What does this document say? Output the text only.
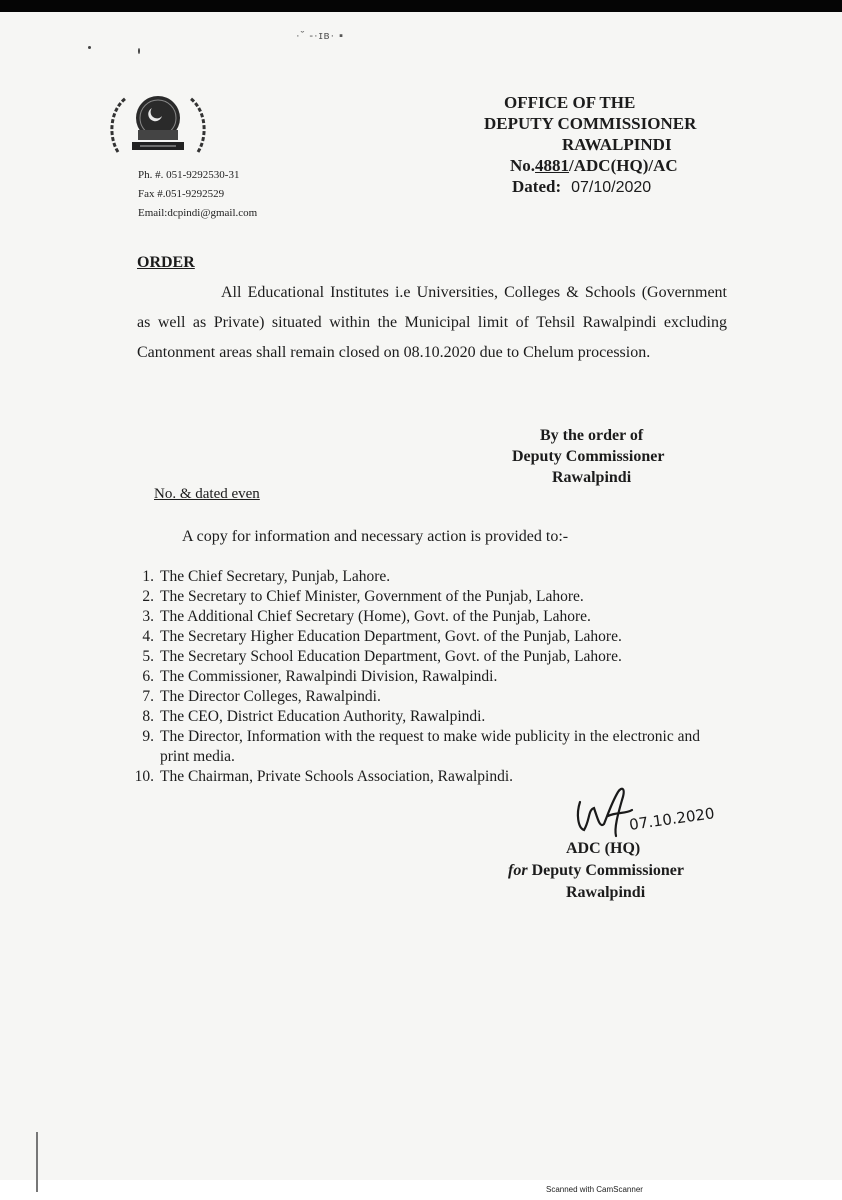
·ˇ ‑·ɪʙ· ▪
Ph. #. 051-9292530-31
Fax #.051-9292529
Email:dcpindi@gmail.com
OFFICE OF THE
DEPUTY COMMISSIONER
RAWALPINDI
No.4881/ADC(HQ)/AC
Dated: 07/10/2020
ORDER
All Educational Institutes i.e Universities, Colleges & Schools (Government as well as Private) situated within the Municipal limit of Tehsil Rawalpindi excluding Cantonment areas shall remain closed on 08.10.2020 due to Chelum procession.
By the order of
Deputy Commissioner
Rawalpindi
No. & dated even
A copy for information and necessary action is provided to:-
1. The Chief Secretary, Punjab, Lahore.
2. The Secretary to Chief Minister, Government of the Punjab, Lahore.
3. The Additional Chief Secretary (Home), Govt. of the Punjab, Lahore.
4. The Secretary Higher Education Department, Govt. of the Punjab, Lahore.
5. The Secretary School Education Department, Govt. of the Punjab, Lahore.
6. The Commissioner, Rawalpindi Division, Rawalpindi.
7. The Director Colleges, Rawalpindi.
8. The CEO, District Education Authority, Rawalpindi.
9. The Director, Information with the request to make wide publicity in the electronic and print media.
10. The Chairman, Private Schools Association, Rawalpindi.
07.10.2020
ADC (HQ)
for Deputy Commissioner
Rawalpindi
Scanned with CamScanner
